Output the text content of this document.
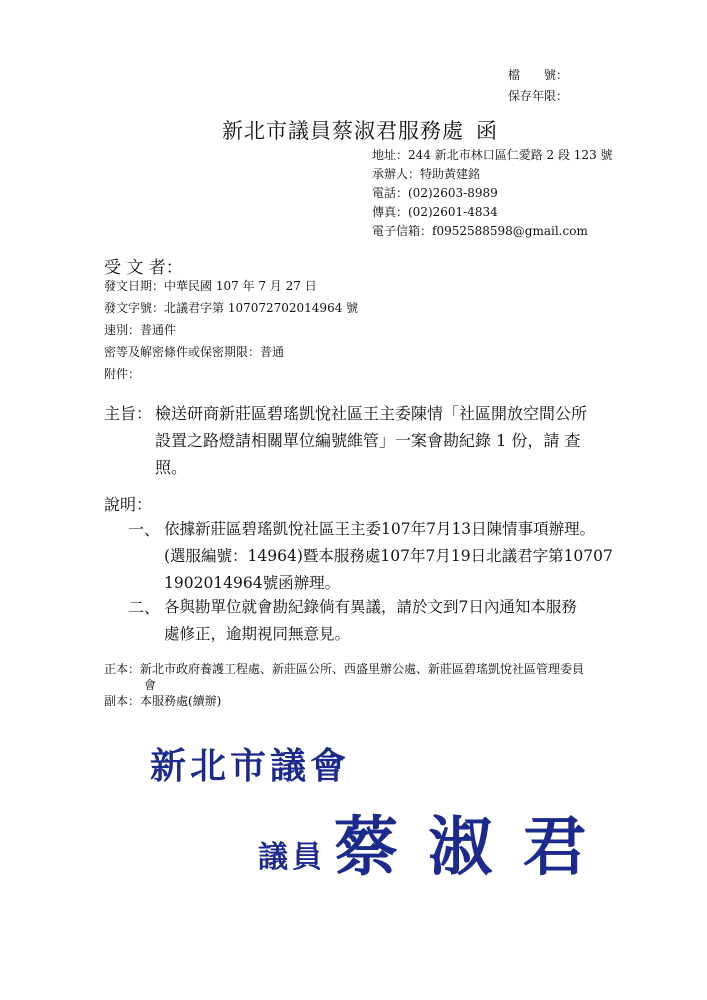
檔　　號：
保存年限：
新北市議員蔡淑君服務處 函
地址：244 新北市林口區仁愛路 2 段 123 號
承辦人：特助黃建銘
電話：(02)2603-8989
傳真：(02)2601-4834
電子信箱：f0952588598@gmail.com
受 文 者：
發文日期：中華民國 107 年 7 月 27 日
發文字號：北議君字第 107072702014964 號
速別：普通件
密等及解密條件或保密期限：普通
附件：
主旨： 檢送研商新莊區碧瑤凱悅社區王主委陳情「社區開放空間公所
設置之路燈請相關單位編號維管」一案會勘紀錄 1 份，請 查
照。
說明：
一、 依據新莊區碧瑤凱悅社區王主委107年7月13日陳情事項辦理。
(選服編號：14964)暨本服務處107年7月19日北議君字第10707
1902014964號函辦理。
二、 各與勘單位就會勘紀錄倘有異議，請於文到7日內通知本服務
處修正，逾期視同無意見。
正本：新北市政府養護工程處、新莊區公所、西盛里辦公處、新莊區碧瑤凱悅社區管理委員
會
副本：本服務處(續辦)
新北市議會
議員 蔡 淑 君
